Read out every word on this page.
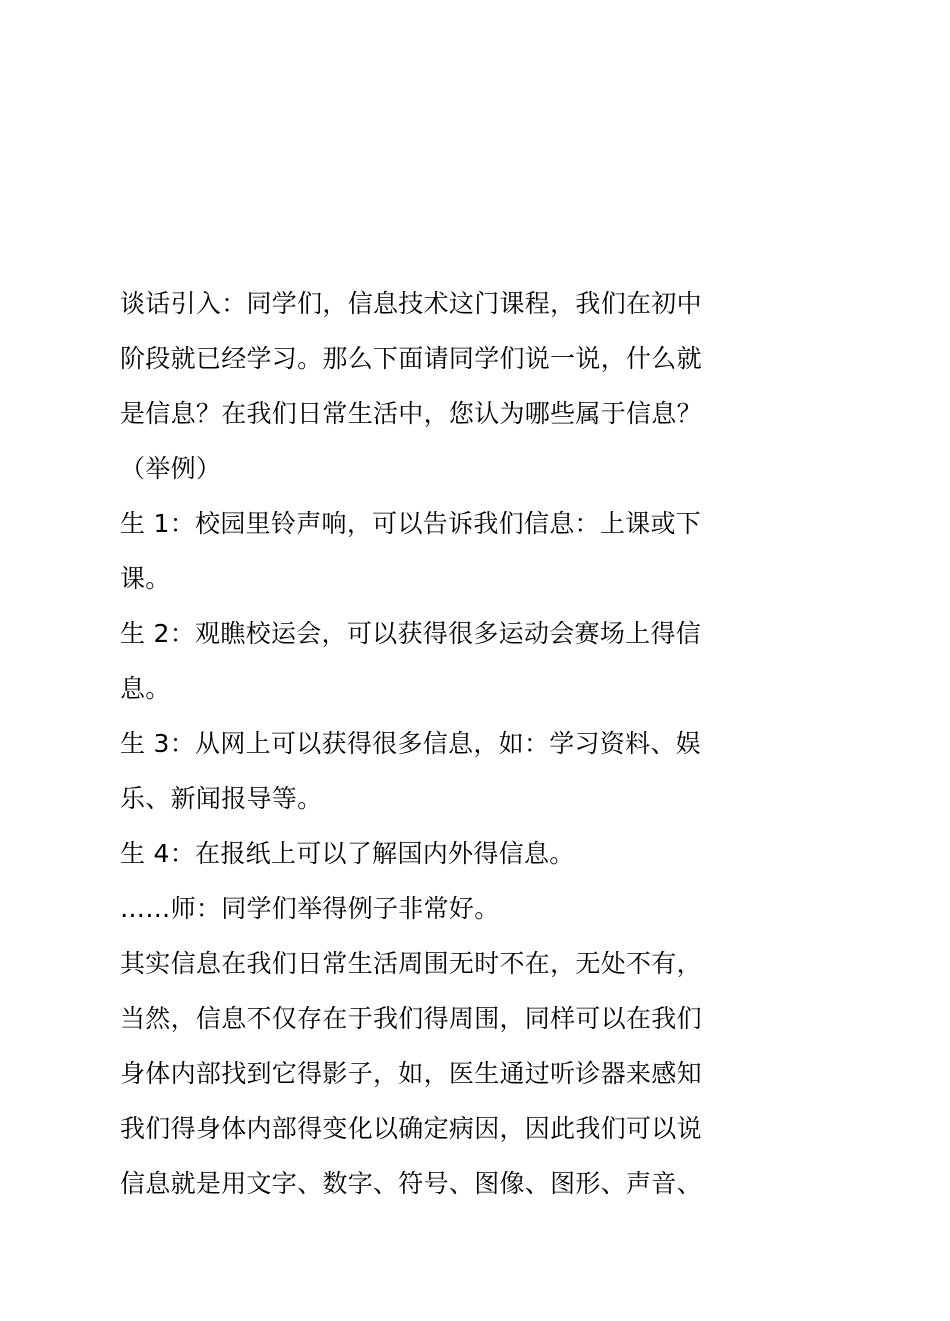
谈话引入：同学们，信息技术这门课程，我们在初中
阶段就已经学习。那么下面请同学们说一说，什么就
是信息？在我们日常生活中，您认为哪些属于信息？
（举例）
生 1：校园里铃声响，可以告诉我们信息：上课或下
课。
生 2：观瞧校运会，可以获得很多运动会赛场上得信
息。
生 3：从网上可以获得很多信息，如：学习资料、娱
乐、新闻报导等。
生 4：在报纸上可以了解国内外得信息。
……师：同学们举得例子非常好。
其实信息在我们日常生活周围无时不在，无处不有，
当然，信息不仅存在于我们得周围，同样可以在我们
身体内部找到它得影子，如，医生通过听诊器来感知
我们得身体内部得变化以确定病因，因此我们可以说
信息就是用文字、数字、符号、图像、图形、声音、
